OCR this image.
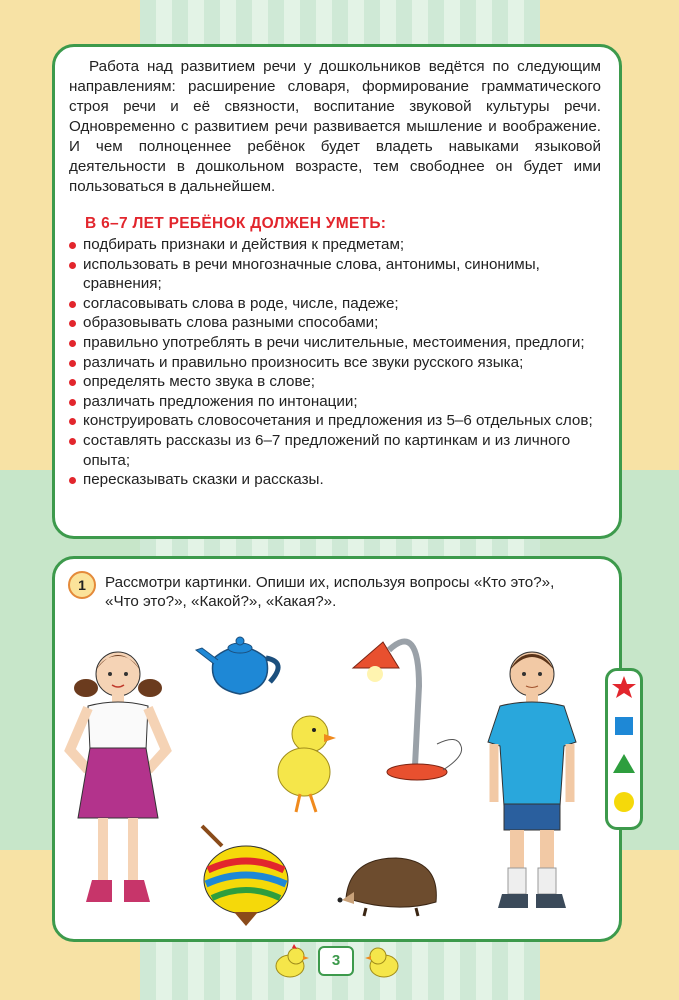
Работа над развитием речи у дошкольников ведётся по следующим направлениям: расширение словаря, формирование грамматического строя речи и её связности, воспитание звуковой культуры речи. Одновременно с развитием речи развивается мышление и воображение. И чем полноценнее ребёнок будет владеть навыками языковой деятельности в дошкольном возрасте, тем свободнее он будет ими пользоваться в дальнейшем.

В 6–7 ЛЕТ РЕБЁНОК ДОЛЖЕН УМЕТЬ:
подбирать признаки и действия к предметам;
использовать в речи многозначные слова, антонимы, синонимы, сравнения;
согласовывать слова в роде, числе, падеже;
образовывать слова разными способами;
правильно употреблять в речи числительные, местоимения, предлоги;
различать и правильно произносить все звуки русского языка;
определять место звука в слове;
различать предложения по интонации;
конструировать словосочетания и предложения из 5–6 отдельных слов;
составлять рассказы из 6–7 предложений по картинкам и из личного опыта;
пересказывать сказки и рассказы.
1	Рассмотри картинки. Опиши их, используя вопросы «Кто это?», «Что это?», «Какой?», «Какая?».
3
